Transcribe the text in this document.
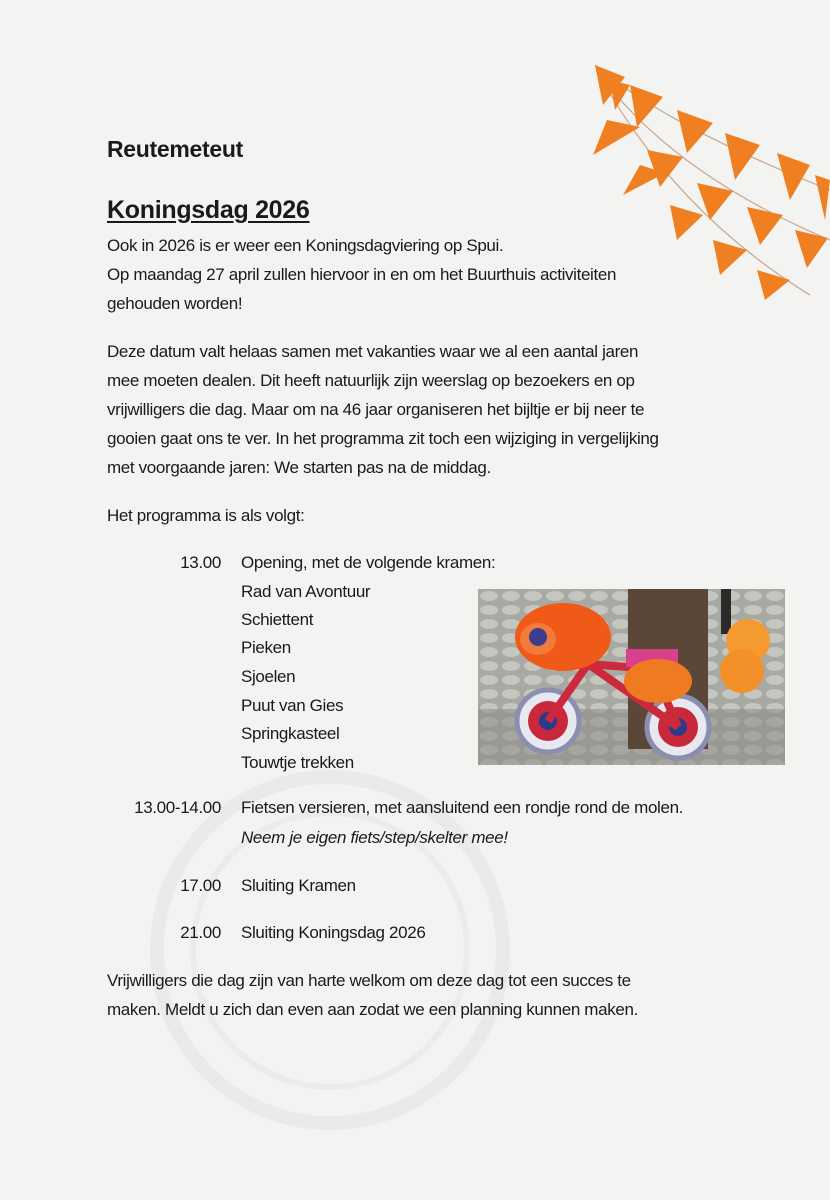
Reutemeteut
Koningsdag 2026
Ook in 2026 is er weer een Koningsdagviering op Spui.
Op maandag 27 april zullen hiervoor in en om het Buurthuis activiteiten
gehouden worden!
Deze datum valt helaas samen met vakanties waar we al een aantal jaren
mee moeten dealen. Dit heeft natuurlijk zijn weerslag op bezoekers en op
vrijwilligers die dag. Maar om na 46 jaar organiseren het bijltje er bij neer te
gooien gaat ons te ver. In het programma zit toch een wijziging in vergelijking
met voorgaande jaren: We starten pas na de middag.
Het programma is als volgt:
13.00 Opening, met de volgende kramen:
Rad van Avontuur
Schiettent
Pieken
Sjoelen
Puut van Gies
Springkasteel
Touwtje trekken
13.00-14.00 Fietsen versieren, met aansluitend een rondje rond de molen.
Neem je eigen fiets/step/skelter mee!
17.00 Sluiting Kramen
21.00 Sluiting Koningsdag 2026
Vrijwilligers die dag zijn van harte welkom om deze dag tot een succes te
maken. Meldt u zich dan even aan zodat we een planning kunnen maken.
